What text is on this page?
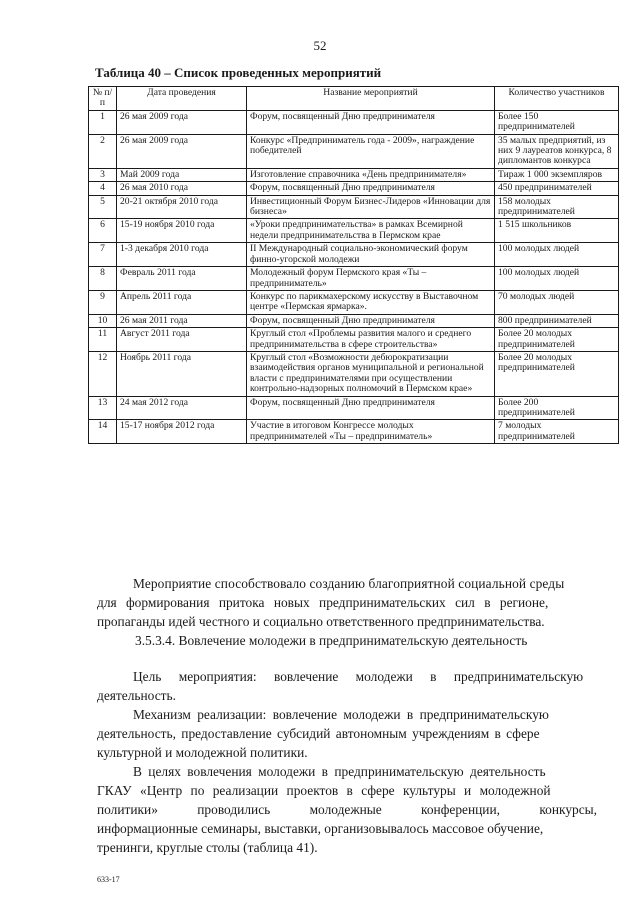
52
Таблица 40 – Список проведенных мероприятий
№ п/п	Дата проведения	Название мероприятий	Количество участников
1	26 мая 2009 года	Форум, посвященный Дню предпринимателя	Более 150 предпринимателей
2	26 мая 2009 года	Конкурс «Предприниматель года - 2009», награждение победителей	35 малых предприятий, из них 9 лауреатов конкурса, 8 дипломантов конкурса
3	Май 2009 года	Изготовление справочника «День предпринимателя»	Тираж 1 000 экземпляров
4	26 мая 2010 года	Форум, посвященный Дню предпринимателя	450 предпринимателей
5	20-21 октября 2010 года	Инвестиционный Форум Бизнес-Лидеров «Инновации для бизнеса»	158 молодых предпринимателей
6	15-19 ноября 2010 года	«Уроки предпринимательства» в рамках Всемирной недели предпринимательства в Пермском крае	1 515 школьников
7	1-3 декабря 2010 года	II Международный социально-экономический форум финно-угорской молодежи	100 молодых людей
8	Февраль 2011 года	Молодежный форум Пермского края «Ты – предприниматель»	100 молодых людей
9	Апрель 2011 года	Конкурс по парикмахерскому искусству в Выставочном центре «Пермская ярмарка».	70 молодых людей
10	26 мая 2011 года	Форум, посвященный Дню предпринимателя	800 предпринимателей
11	Август 2011 года	Круглый стол «Проблемы развития малого и среднего предпринимательства в сфере строительства»	Более 20 молодых предпринимателей
12	Ноябрь 2011 года	Круглый стол «Возможности дебюрократизации взаимодействия органов муниципальной и региональной власти с предпринимателями при осуществлении контрольно-надзорных полномочий в Пермском крае»	Более 20 молодых предпринимателей
13	24 мая 2012 года	Форум, посвященный Дню предпринимателя	Более 200 предпринимателей
14	15-17 ноября 2012 года	Участие в итоговом Конгрессе молодых предпринимателей «Ты – предприниматель»	7 молодых предпринимателей
Мероприятие способствовало созданию благоприятной социальной среды
для формирования притока новых предпринимательских сил в регионе,
пропаганды идей честного и социально ответственного предпринимательства.
3.5.3.4. Вовлечение молодежи в предпринимательскую деятельность
Цель мероприятия: вовлечение молодежи в предпринимательскую
деятельность.
Механизм реализации: вовлечение молодежи в предпринимательскую
деятельность, предоставление субсидий автономным учреждениям в сфере
культурной и молодежной политики.
В целях вовлечения молодежи в предпринимательскую деятельность
ГКАУ «Центр по реализации проектов в сфере культуры и молодежной
политики» проводились молодежные конференции, конкурсы,
информационные семинары, выставки, организовывалось массовое обучение,
тренинги, круглые столы (таблица 41).
633-17
